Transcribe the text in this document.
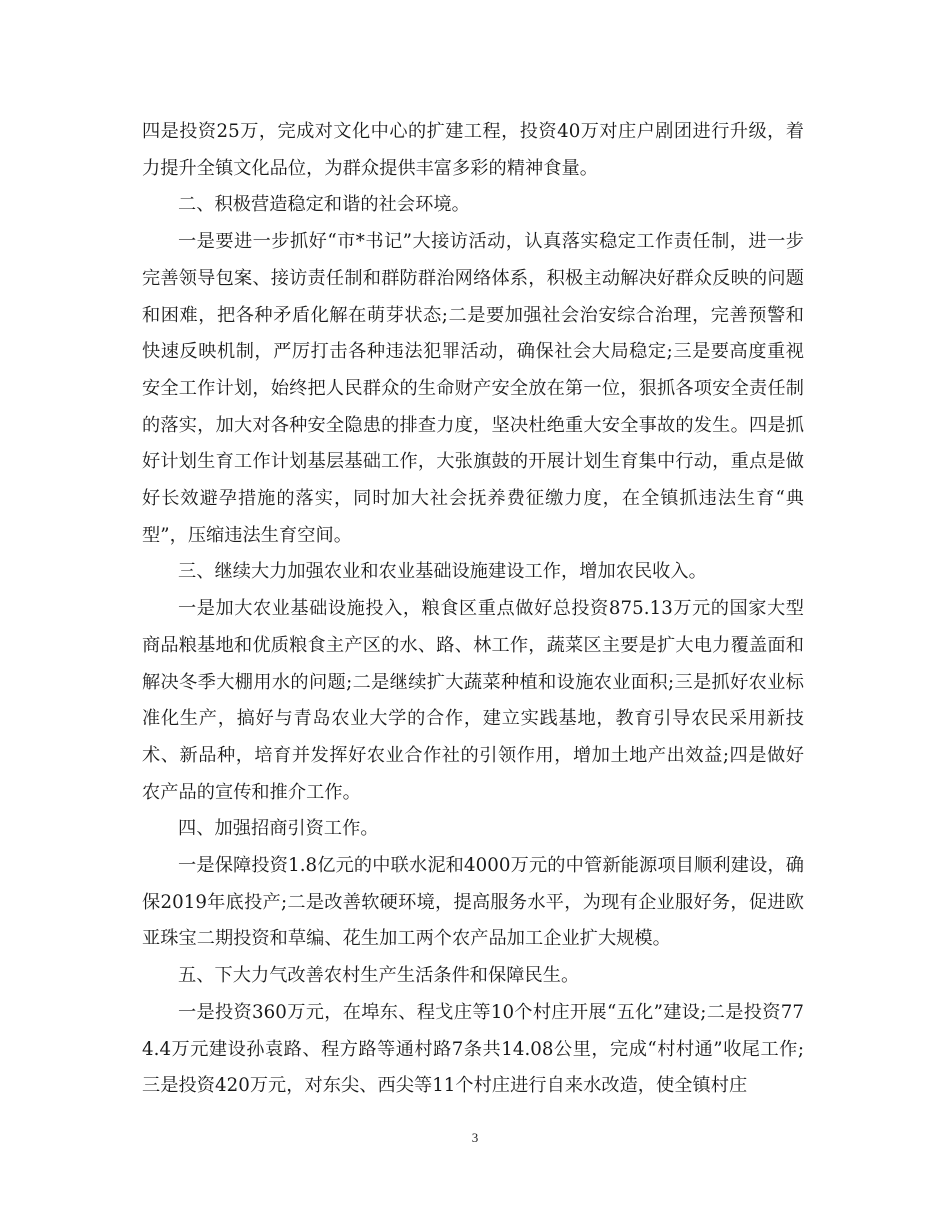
四是投资25万，完成对文化中心的扩建工程，投资40万对庄户剧团进行升级，着力提升全镇文化品位，为群众提供丰富多彩的精神食量。

二、积极营造稳定和谐的社会环境。

一是要进一步抓好“市*书记”大接访活动，认真落实稳定工作责任制，进一步完善领导包案、接访责任制和群防群治网络体系，积极主动解决好群众反映的问题和困难，把各种矛盾化解在萌芽状态;二是要加强社会治安综合治理，完善预警和快速反映机制，严厉打击各种违法犯罪活动，确保社会大局稳定;三是要高度重视安全工作计划，始终把人民群众的生命财产安全放在第一位，狠抓各项安全责任制的落实，加大对各种安全隐患的排查力度，坚决杜绝重大安全事故的发生。四是抓好计划生育工作计划基层基础工作，大张旗鼓的开展计划生育集中行动，重点是做好长效避孕措施的落实，同时加大社会抚养费征缴力度，在全镇抓违法生育“典型”，压缩违法生育空间。

三、继续大力加强农业和农业基础设施建设工作，增加农民收入。

一是加大农业基础设施投入，粮食区重点做好总投资875.13万元的国家大型商品粮基地和优质粮食主产区的水、路、林工作，蔬菜区主要是扩大电力覆盖面和解决冬季大棚用水的问题;二是继续扩大蔬菜种植和设施农业面积;三是抓好农业标准化生产，搞好与青岛农业大学的合作，建立实践基地，教育引导农民采用新技术、新品种，培育并发挥好农业合作社的引领作用，增加土地产出效益;四是做好农产品的宣传和推介工作。

四、加强招商引资工作。

一是保障投资1.8亿元的中联水泥和4000万元的中管新能源项目顺利建设，确保2019年底投产;二是改善软硬环境，提高服务水平，为现有企业服好务，促进欧亚珠宝二期投资和草编、花生加工两个农产品加工企业扩大规模。

五、下大力气改善农村生产生活条件和保障民生。

一是投资360万元，在埠东、程戈庄等10个村庄开展“五化”建设;二是投资774.4万元建设孙袁路、程方路等通村路7条共14.08公里，完成“村村通”收尾工作;三是投资420万元，对东尖、西尖等11个村庄进行自来水改造，使全镇村庄

3
